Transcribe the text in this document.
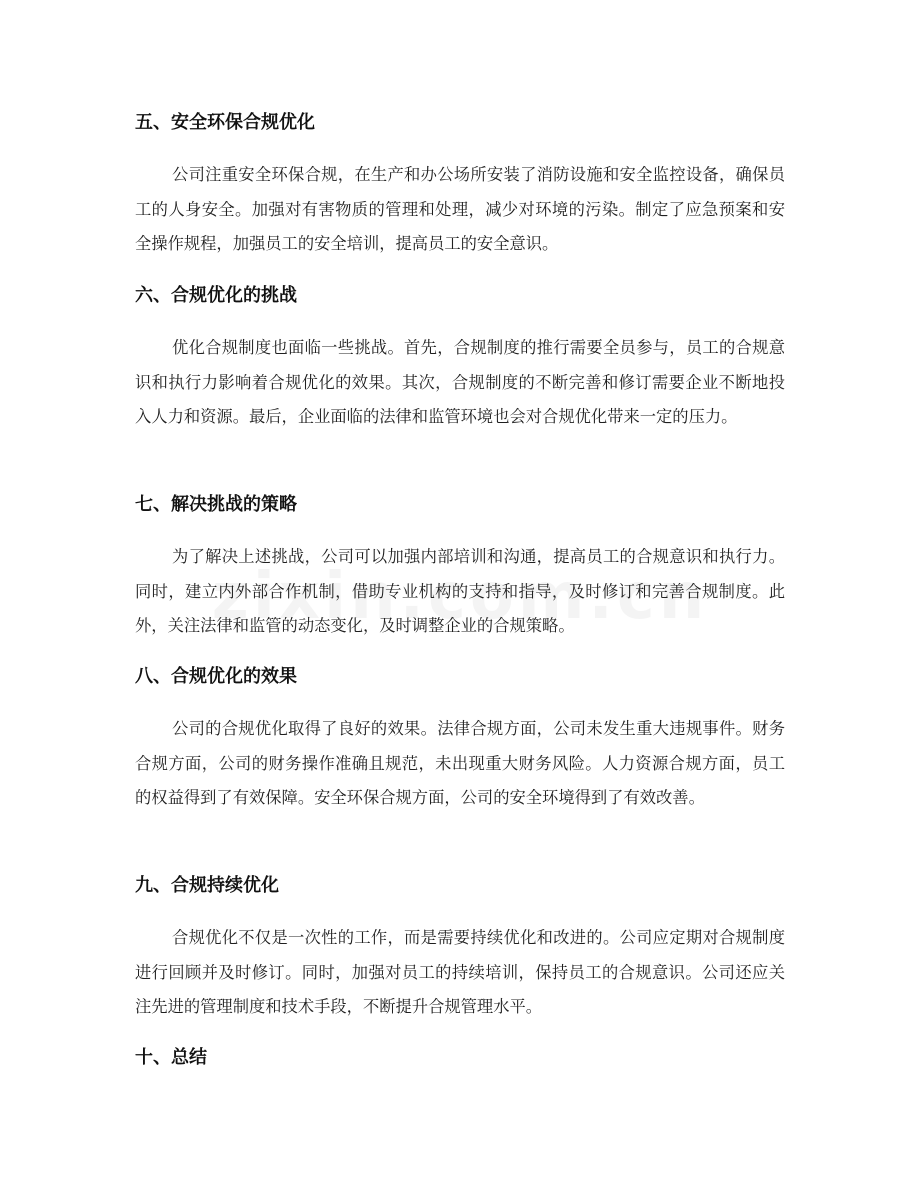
五、安全环保合规优化

公司注重安全环保合规，在生产和办公场所安装了消防设施和安全监控设备，确保员工的人身安全。加强对有害物质的管理和处理，减少对环境的污染。制定了应急预案和安全操作规程，加强员工的安全培训，提高员工的安全意识。

六、合规优化的挑战

优化合规制度也面临一些挑战。首先，合规制度的推行需要全员参与，员工的合规意识和执行力影响着合规优化的效果。其次，合规制度的不断完善和修订需要企业不断地投入人力和资源。最后，企业面临的法律和监管环境也会对合规优化带来一定的压力。

七、解决挑战的策略

为了解决上述挑战，公司可以加强内部培训和沟通，提高员工的合规意识和执行力。同时，建立内外部合作机制，借助专业机构的支持和指导，及时修订和完善合规制度。此外，关注法律和监管的动态变化，及时调整企业的合规策略。

八、合规优化的效果

公司的合规优化取得了良好的效果。法律合规方面，公司未发生重大违规事件。财务合规方面，公司的财务操作准确且规范，未出现重大财务风险。人力资源合规方面，员工的权益得到了有效保障。安全环保合规方面，公司的安全环境得到了有效改善。

九、合规持续优化

合规优化不仅是一次性的工作，而是需要持续优化和改进的。公司应定期对合规制度进行回顾并及时修订。同时，加强对员工的持续培训，保持员工的合规意识。公司还应关注先进的管理制度和技术手段，不断提升合规管理水平。

十、总结
